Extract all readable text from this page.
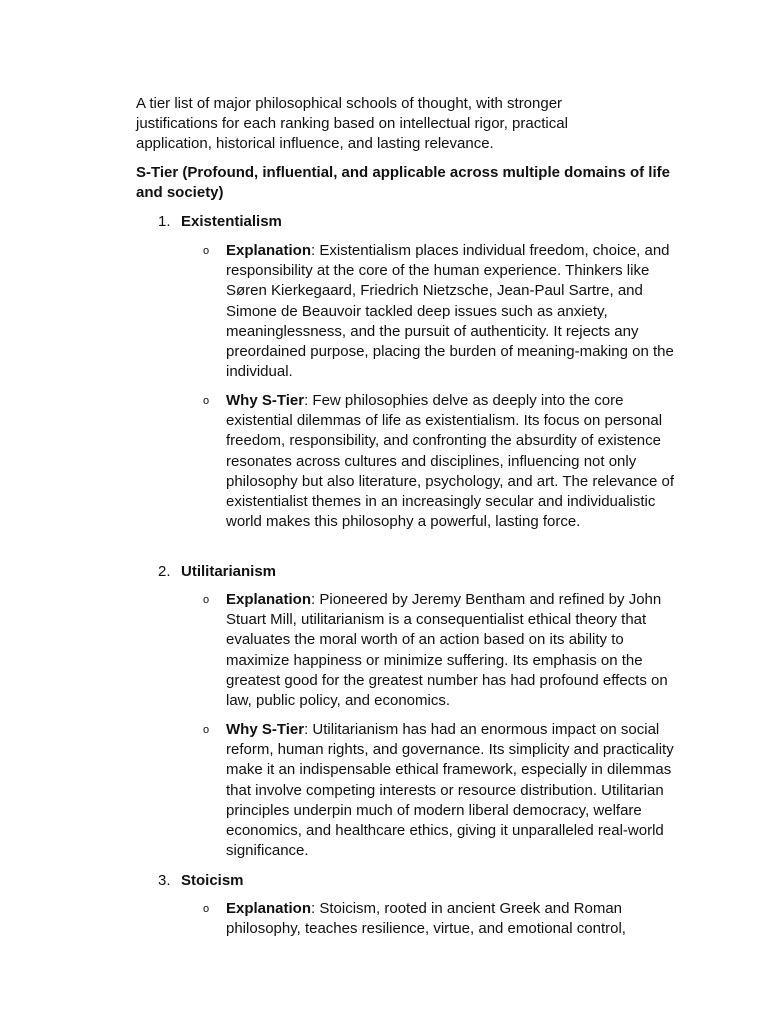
A tier list of major philosophical schools of thought, with stronger justifications for each ranking based on intellectual rigor, practical application, historical influence, and lasting relevance.

S-Tier (Profound, influential, and applicable across multiple domains of life and society)

1. Existentialism
o Explanation: Existentialism places individual freedom, choice, and responsibility at the core of the human experience. Thinkers like Søren Kierkegaard, Friedrich Nietzsche, Jean-Paul Sartre, and Simone de Beauvoir tackled deep issues such as anxiety, meaninglessness, and the pursuit of authenticity. It rejects any preordained purpose, placing the burden of meaning-making on the individual.

o Why S-Tier: Few philosophies delve as deeply into the core existential dilemmas of life as existentialism. Its focus on personal freedom, responsibility, and confronting the absurdity of existence resonates across cultures and disciplines, influencing not only philosophy but also literature, psychology, and art. The relevance of existentialist themes in an increasingly secular and individualistic world makes this philosophy a powerful, lasting force.

2. Utilitarianism
o Explanation: Pioneered by Jeremy Bentham and refined by John Stuart Mill, utilitarianism is a consequentialist ethical theory that evaluates the moral worth of an action based on its ability to maximize happiness or minimize suffering. Its emphasis on the greatest good for the greatest number has had profound effects on law, public policy, and economics.

o Why S-Tier: Utilitarianism has had an enormous impact on social reform, human rights, and governance. Its simplicity and practicality make it an indispensable ethical framework, especially in dilemmas that involve competing interests or resource distribution. Utilitarian principles underpin much of modern liberal democracy, welfare economics, and healthcare ethics, giving it unparalleled real-world significance.

3. Stoicism
o Explanation: Stoicism, rooted in ancient Greek and Roman philosophy, teaches resilience, virtue, and emotional control,
